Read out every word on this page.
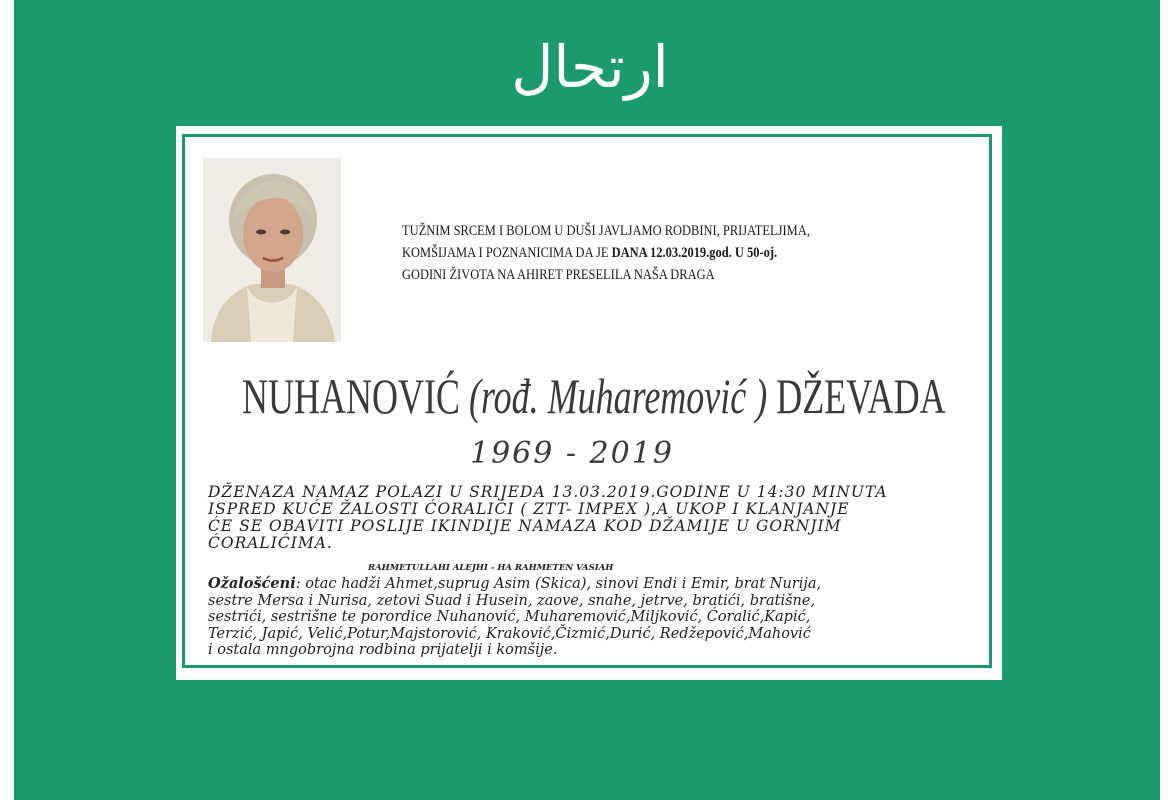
ارتحال
TUŽNIM SRCEM I BOLOM U DUŠI JAVLJAMO RODBINI, PRIJATELJIMA,
KOMŠIJAMA I POZNANICIMA DA JE DANA 12.03.2019.god. U 50-oj.
GODINI ŽIVOTA NA AHIRET PRESELILA NAŠA DRAGA
NUHANOVIĆ (rođ. Muharemović ) DŽEVADA
1969 - 2019

DŽENAZA NAMAZ POLAZI U SRIJEDA 13.03.2019.GODINE U 14:30 MINUTA

ISPRED KUĆE ŽALOSTI ĆORALIĆI ( ZTT- IMPEX ),A UKOP I KLANJANJE

ĆE SE OBAVITI POSLIJE IKINDIJE NAMAZA KOD DŽAMIJE U GORNJIM

ĆORALIĆIMA.

RAHMETULLAHI ALEJHI - HA RAHMETEN VASIAH

Ožalošćeni: otac hadži Ahmet,suprug Asim (Skica), sinovi Endi i Emir, brat Nurija,

sestre Mersa i Nurisa, zetovi Suad i Husein, zaove, snahe, jetrve, bratići, bratišne,

sestrići, sestrišne te porordice Nuhanović, Muharemović,Miljković, Ćoralić,Kapić,

Terzić, Japić, Velić,Potur,Majstorović, Kraković,Čizmić,Durić, Redžepović,Mahović

i ostala mngobrojna rodbina prijatelji i komšije.
